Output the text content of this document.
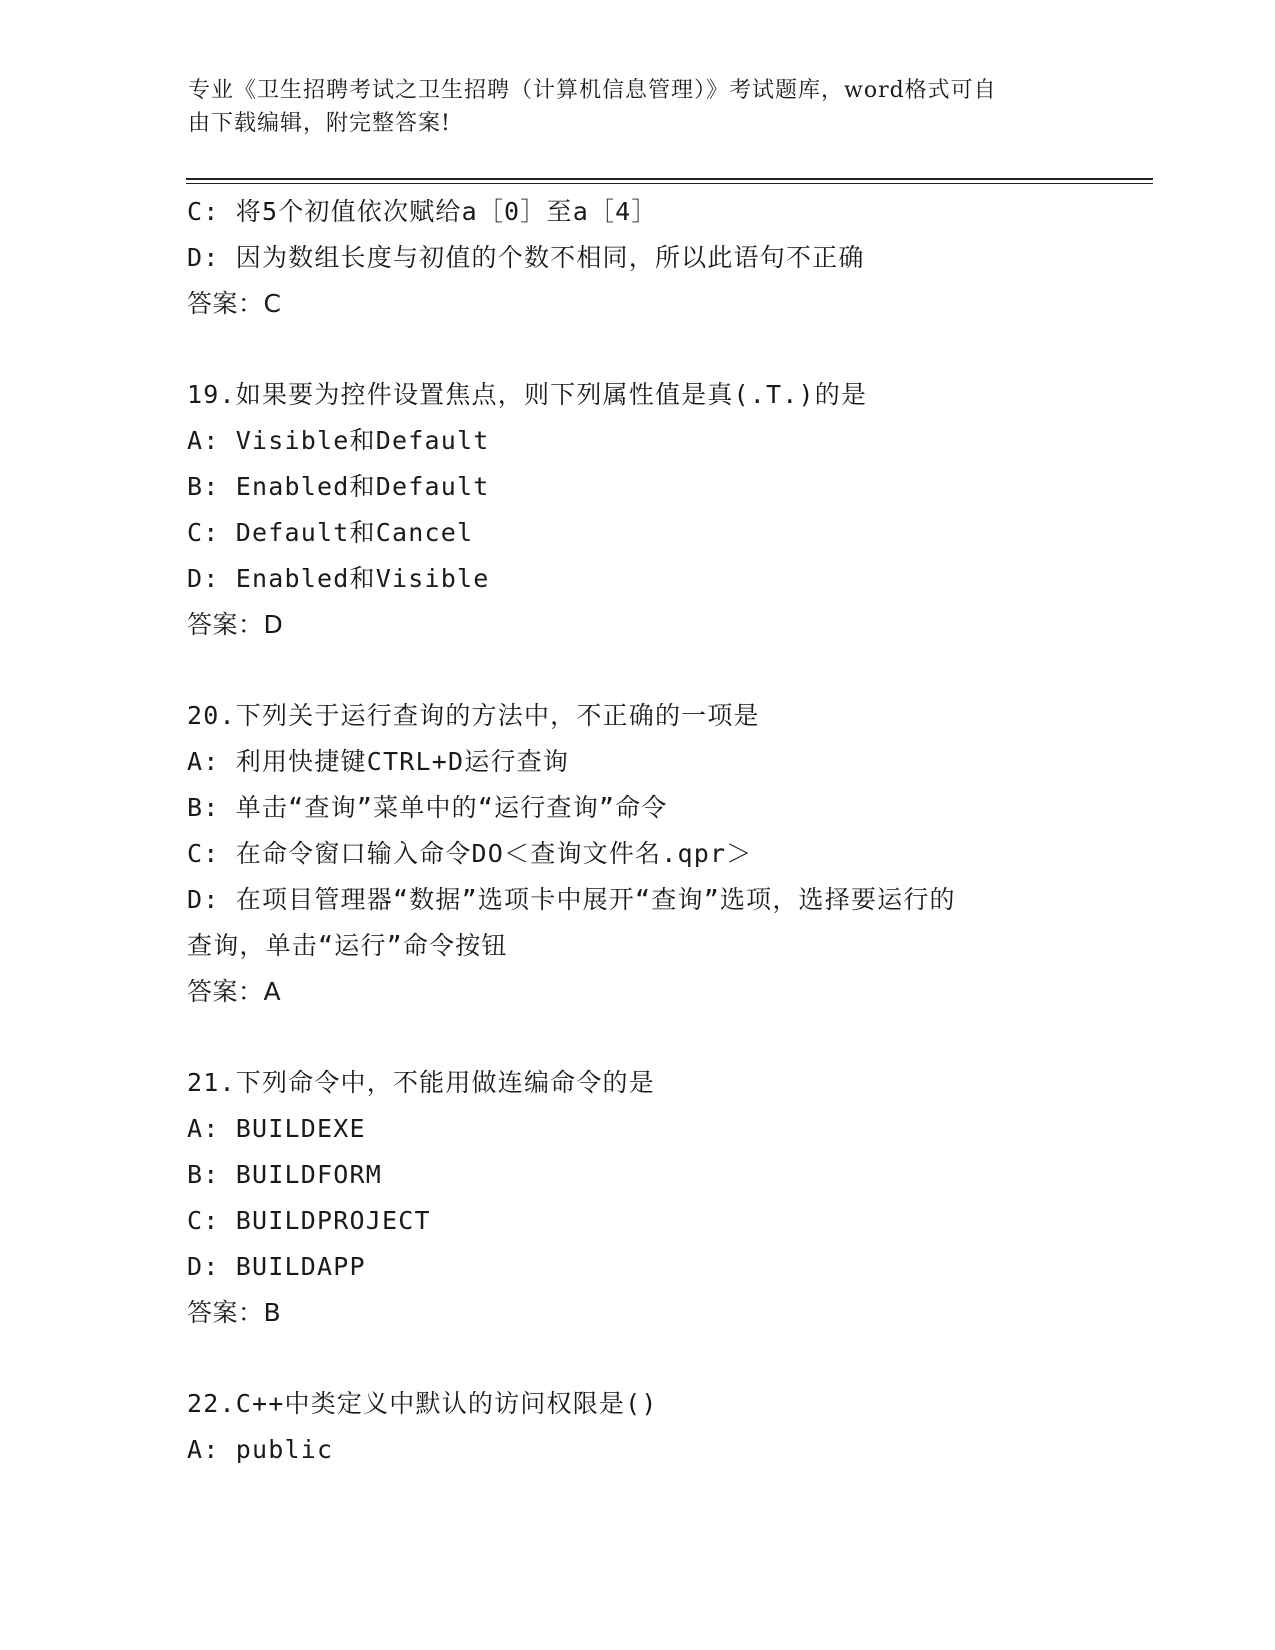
专业《卫生招聘考试之卫生招聘（计算机信息管理）》考试题库，word格式可自
由下载编辑，附完整答案!
C: 将5个初值依次赋给a［0］至a［4］
D: 因为数组长度与初值的个数不相同，所以此语句不正确
答案：C
19.如果要为控件设置焦点，则下列属性值是真(.T.)的是
A: Visible和Default
B: Enabled和Default
C: Default和Cancel
D: Enabled和Visible
答案：D
20.下列关于运行查询的方法中，不正确的一项是
A: 利用快捷键CTRL+D运行查询
B: 单击“查询”菜单中的“运行查询”命令
C: 在命令窗口输入命令DO＜查询文件名.qpr＞
D: 在项目管理器“数据”选项卡中展开“查询”选项，选择要运行的
查询，单击“运行”命令按钮
答案：A
21.下列命令中，不能用做连编命令的是
A: BUILDEXE
B: BUILDFORM
C: BUILDPROJECT
D: BUILDAPP
答案：B
22.C++中类定义中默认的访问权限是()
A: public
